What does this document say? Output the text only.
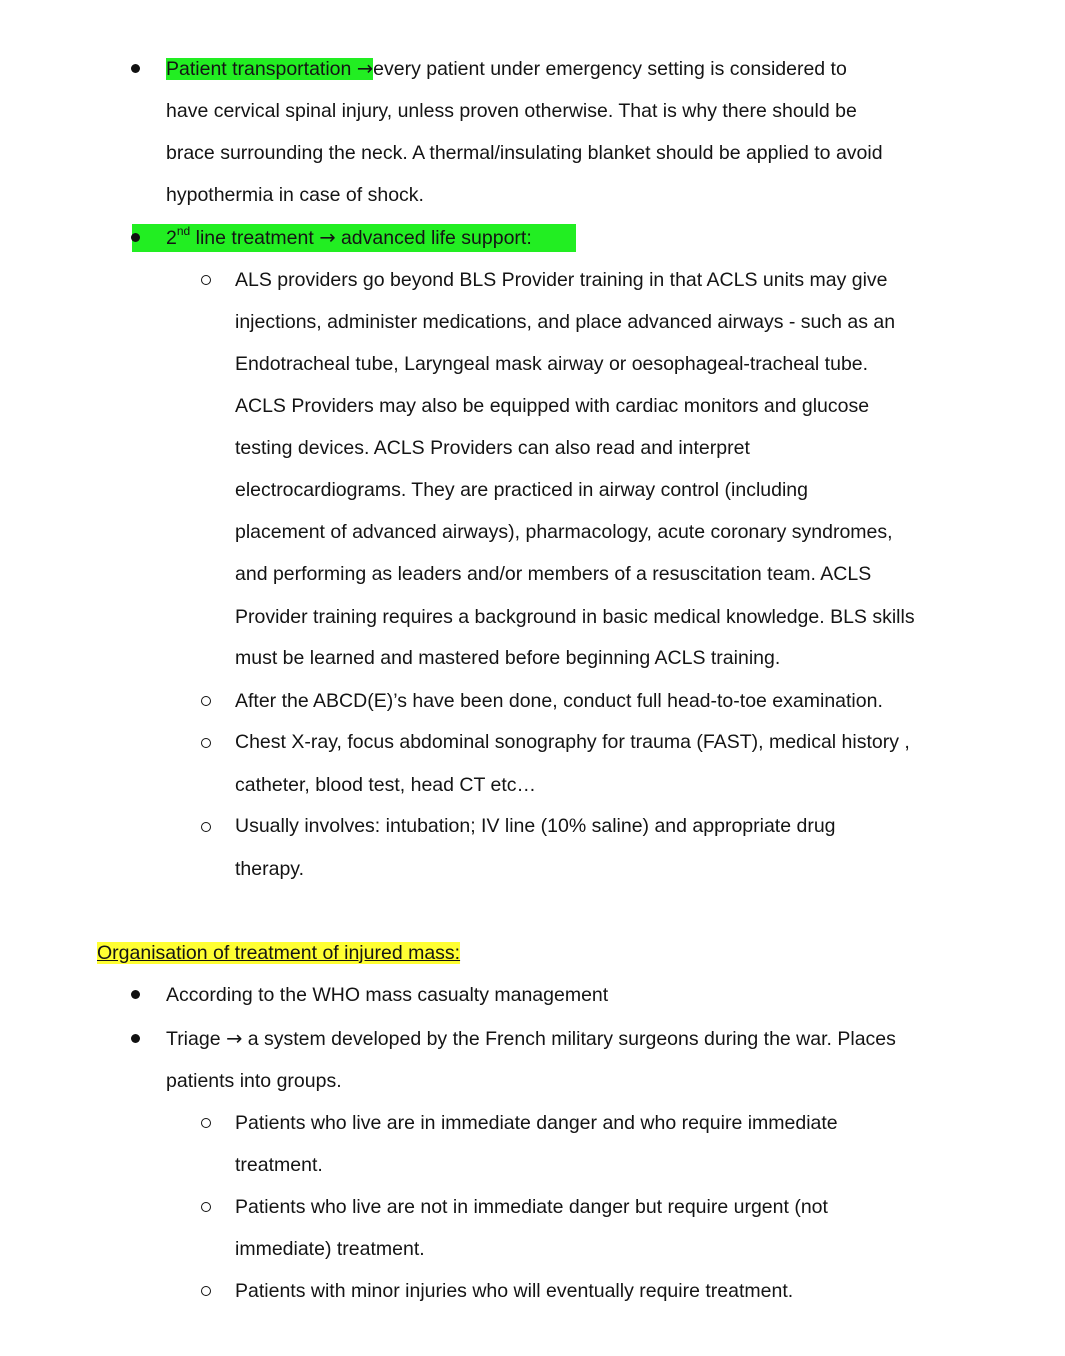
Patient transportation →every patient under emergency setting is considered to
have cervical spinal injury, unless proven otherwise. That is why there should be
brace surrounding the neck. A thermal/insulating blanket should be applied to avoid
hypothermia in case of shock.
2nd line treatment → advanced life support:
ALS providers go beyond BLS Provider training in that ACLS units may give
injections, administer medications, and place advanced airways - such as an
Endotracheal tube, Laryngeal mask airway or oesophageal-tracheal tube.
ACLS Providers may also be equipped with cardiac monitors and glucose
testing devices. ACLS Providers can also read and interpret
electrocardiograms. They are practiced in airway control (including
placement of advanced airways), pharmacology, acute coronary syndromes,
and performing as leaders and/or members of a resuscitation team. ACLS
Provider training requires a background in basic medical knowledge. BLS skills
must be learned and mastered before beginning ACLS training.
After the ABCD(E)’s have been done, conduct full head-to-toe examination.
Chest X-ray, focus abdominal sonography for trauma (FAST), medical history ,
catheter, blood test, head CT etc…
Usually involves: intubation; IV line (10% saline) and appropriate drug
therapy.
Organisation of treatment of injured mass:
According to the WHO mass casualty management
Triage → a system developed by the French military surgeons during the war. Places
patients into groups.
Patients who live are in immediate danger and who require immediate
treatment.
Patients who live are not in immediate danger but require urgent (not
immediate) treatment.
Patients with minor injuries who will eventually require treatment.
